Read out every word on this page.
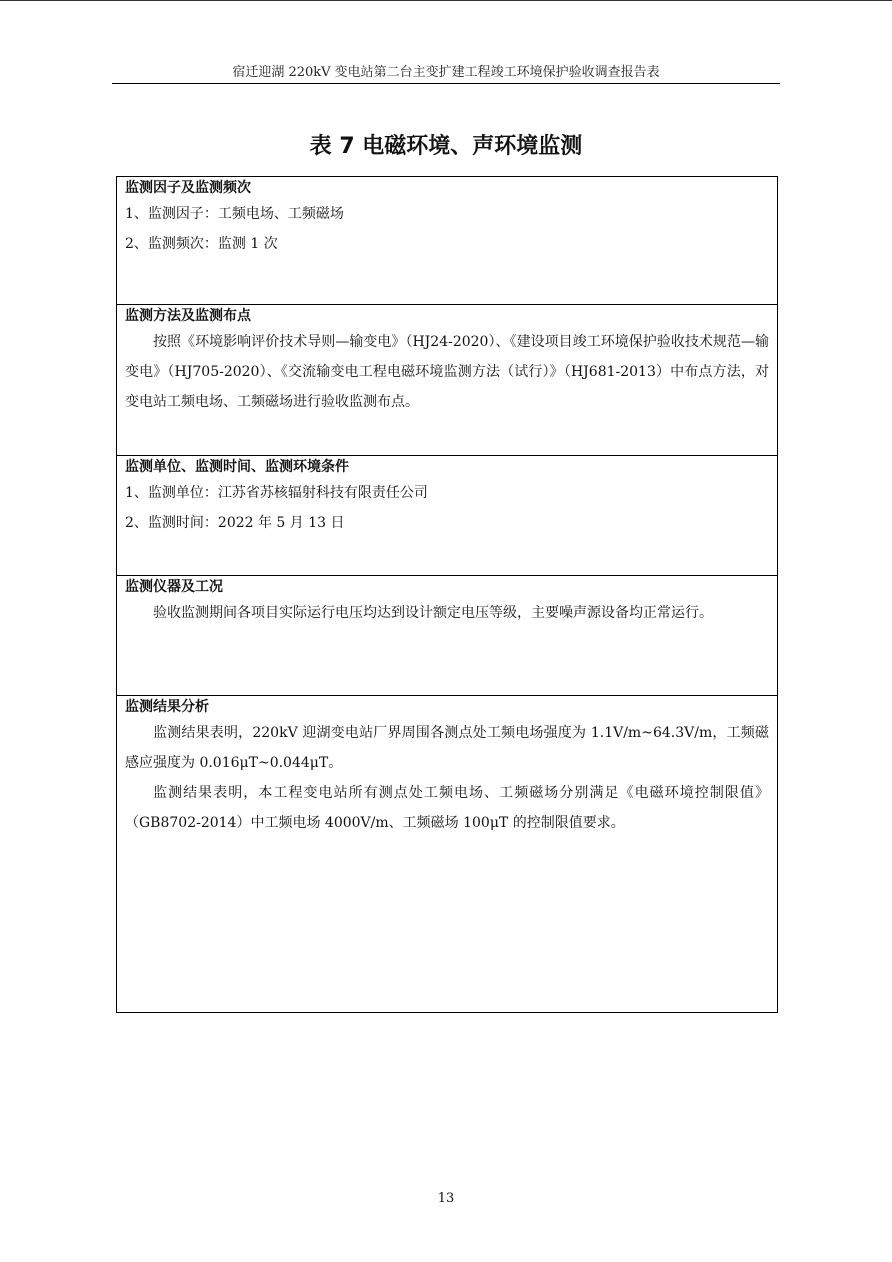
宿迁迎湖 220kV 变电站第二台主变扩建工程竣工环境保护验收调查报告表
表 7 电磁环境、声环境监测
监测因子及监测频次
1、监测因子：工频电场、工频磁场
2、监测频次：监测 1 次
监测方法及监测布点
按照《环境影响评价技术导则—输变电》（HJ24-2020）、《建设项目竣工环境保护验收技术规范—输变电》（HJ705-2020）、《交流输变电工程电磁环境监测方法（试行）》（HJ681-2013）中布点方法，对变电站工频电场、工频磁场进行验收监测布点。
监测单位、监测时间、监测环境条件
1、监测单位：江苏省苏核辐射科技有限责任公司
2、监测时间：2022 年 5 月 13 日
监测仪器及工况
验收监测期间各项目实际运行电压均达到设计额定电压等级，主要噪声源设备均正常运行。
监测结果分析
监测结果表明，220kV 迎湖变电站厂界周围各测点处工频电场强度为 1.1V/m~64.3V/m，工频磁感应强度为 0.016μT~0.044μT。
监测结果表明，本工程变电站所有测点处工频电场、工频磁场分别满足《电磁环境控制限值》（GB8702-2014）中工频电场 4000V/m、工频磁场 100μT 的控制限值要求。
13
